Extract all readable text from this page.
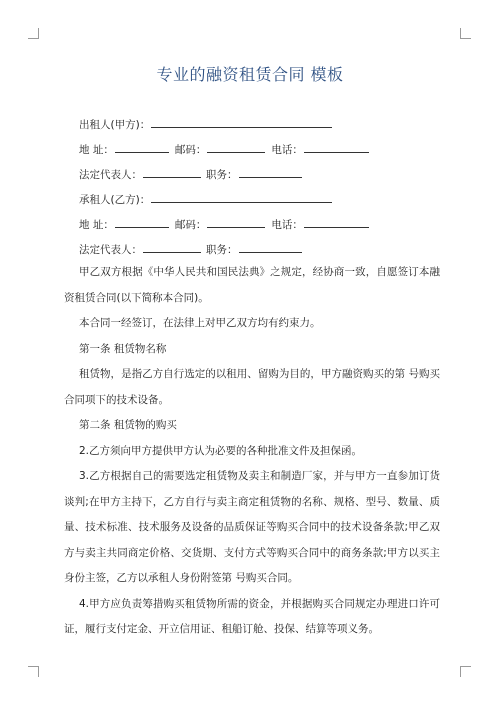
专业的融资租赁合同 模板
出租人(甲方)：
地 址：	邮码：	电话：
法定代表人：	职务：
承租人(乙方)：
地 址：	邮码：	电话：
法定代表人：	职务：

甲乙双方根据《中华人民共和国民法典》之规定，经协商一致，自愿签订本融资租赁合同(以下简称本合同)。

本合同一经签订，在法律上对甲乙双方均有约束力。

第一条 租赁物名称

租赁物，是指乙方自行选定的以租用、留购为目的，甲方融资购买的第 号购买合同项下的技术设备。

第二条 租赁物的购买

2.乙方须向甲方提供甲方认为必要的各种批准文件及担保函。

3.乙方根据自己的需要选定租赁物及卖主和制造厂家，并与甲方一直参加订货谈判;在甲方主持下，乙方自行与卖主商定租赁物的名称、规格、型号、数量、质量、技术标准、技术服务及设备的品质保证等购买合同中的技术设备条款;甲乙双方与卖主共同商定价格、交货期、支付方式等购买合同中的商务条款;甲方以买主身份主签，乙方以承租人身份附签第 号购买合同。

4.甲方应负责筹措购买租赁物所需的资金，并根据购买合同规定办理进口许可证，履行支付定金、开立信用证、租船订舱、投保、结算等项义务。
